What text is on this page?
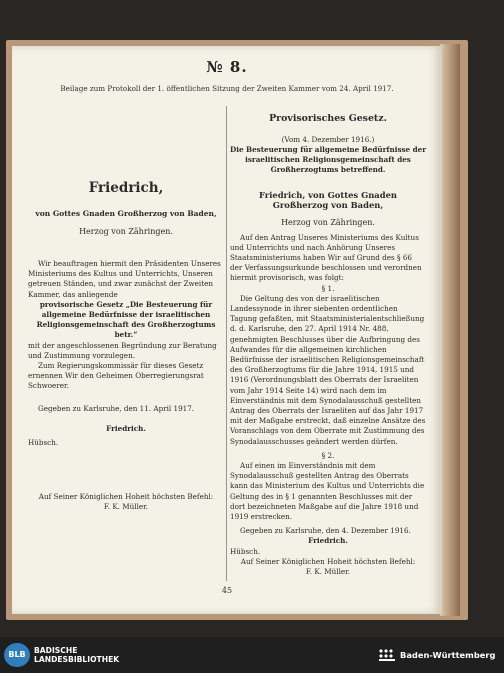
№ 8.
Beilage zum Protokoll der 1. öffentlichen Sitzung der Zweiten Kammer vom 24. April 1917.

Friedrich,

von Gottes Gnaden Großherzog von Baden,

Herzog von Zähringen.

Wir beauftragen hiermit den Präsidenten Unseres Ministeriums des Kultus und Unterrichts, Unseren getreuen Ständen, und zwar zunächst der Zweiten Kammer, das anliegende

provisorische Gesetz „Die Besteuerung für allgemeine Bedürfnisse der israelitischen Religionsgemeinschaft des Großherzogtums betr.“

mit der angeschlossenen Begründung zur Beratung und Zustimmung vorzulegen.

Zum Regierungskommissär für dieses Gesetz ernennen Wir den Geheimen Oberregierungsrat Schwoerer.

Gegeben zu Karlsruhe, den 11. April 1917.

Friedrich.

Hübsch.

Auf Seiner Königlichen Hoheit höchsten Befehl:

F. K. Müller.

Provisorisches Gesetz.

(Vom 4. Dezember 1916.)

Die Besteuerung für allgemeine Bedürfnisse der israelitischen Religionsgemeinschaft des Großherzogtums betreffend.

Friedrich, von Gottes Gnaden Großherzog von Baden,

Herzog von Zähringen.

Auf den Antrag Unseres Ministeriums des Kultus und Unterrichts und nach Anhörung Unseres Staatsministeriums haben Wir auf Grund des § 66 der Verfassungsurkunde beschlossen und verordnen hiermit provisorisch, was folgt:

§ 1.

Die Geltung des von der israelitischen Landessynode in ihrer siebenten ordentlichen Tagung gefaßten, mit Staatsministerialentschließung d. d. Karlsruhe, den 27. April 1914 Nr. 488, genehmigten Beschlusses über die Aufbringung des Aufwandes für die allgemeinen kirchlichen Bedürfnisse der israelitischen Religionsgemeinschaft des Großherzogtums für die Jahre 1914, 1915 und 1916 (Verordnungsblatt des Oberrats der Israeliten vom Jahr 1914 Seite 14) wird nach dem im Einverständnis mit dem Synodalausschuß gestellten Antrag des Oberrats der Israeliten auf das Jahr 1917 mit der Maßgabe erstreckt, daß einzelne Ansätze des Voranschlags von dem Oberrate mit Zustimmung des Synodalausschusses geändert werden dürfen.

§ 2.

Auf einen im Einverständnis mit dem Synodalausschuß gestellten Antrag des Oberrats kann das Ministerium des Kultus und Unterrichts die Geltung des in § 1 genannten Beschlusses mit der dort bezeichneten Maßgabe auf die Jahre 1918 und 1919 erstrecken.

Gegeben zu Karlsruhe, den 4. Dezember 1916.

Friedrich.

Hübsch.

Auf Seiner Königlichen Hoheit höchsten Befehl:

F. K. Müller.

45
BLB	BADISCHE
LANDESBIBLIOTHEK	Baden-Württemberg
